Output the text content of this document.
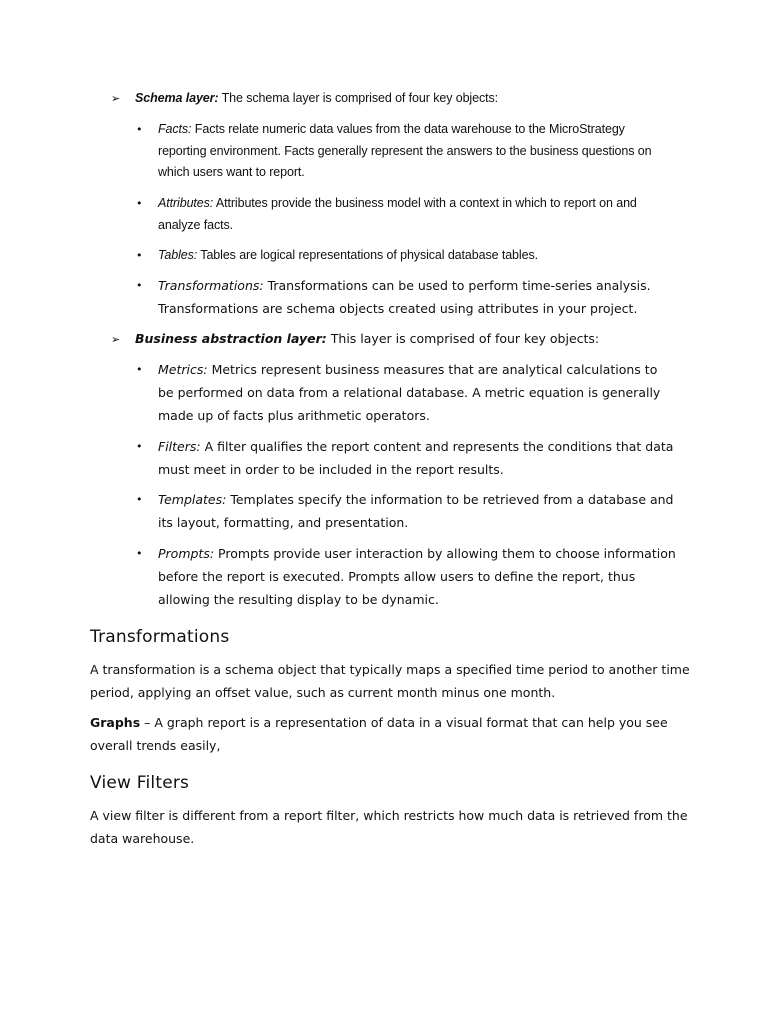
➢ Schema layer: The schema layer is comprised of four key objects:
• Facts: Facts relate numeric data values from the data warehouse to the MicroStrategy reporting environment. Facts generally represent the answers to the business questions on which users want to report.
• Attributes: Attributes provide the business model with a context in which to report on and analyze facts.
• Tables: Tables are logical representations of physical database tables.
• Transformations: Transformations can be used to perform time-series analysis. Transformations are schema objects created using attributes in your project.
➢ Business abstraction layer: This layer is comprised of four key objects:
• Metrics: Metrics represent business measures that are analytical calculations to be performed on data from a relational database. A metric equation is generally made up of facts plus arithmetic operators.
• Filters: A filter qualifies the report content and represents the conditions that data must meet in order to be included in the report results.
• Templates: Templates specify the information to be retrieved from a database and its layout, formatting, and presentation.
• Prompts: Prompts provide user interaction by allowing them to choose information before the report is executed. Prompts allow users to define the report, thus allowing the resulting display to be dynamic.
Transformations

A transformation is a schema object that typically maps a specified time period to another time period, applying an offset value, such as current month minus one month.

Graphs – A graph report is a representation of data in a visual format that can help you see overall trends easily,

View Filters

A view filter is different from a report filter, which restricts how much data is retrieved from the data warehouse.
